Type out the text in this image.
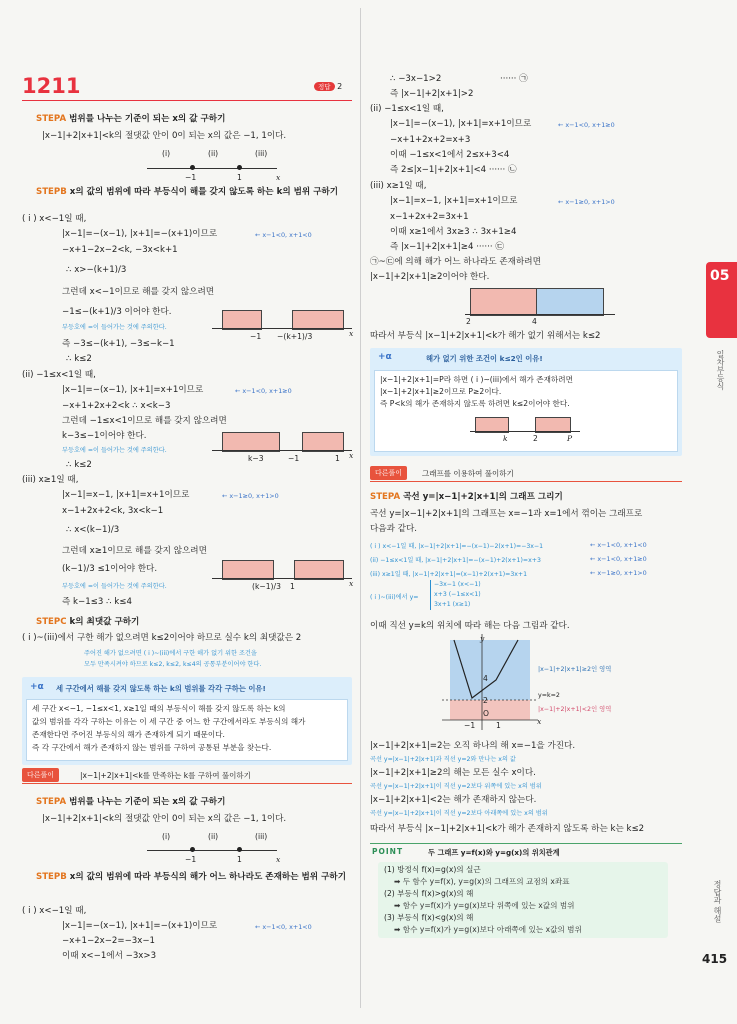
1211	정답 2
STEPA 범위를 나누는 기준이 되는 x의 값 구하기
|x−1|+2|x+1|<k의 절댓값 안이 0이 되는 x의 값은 −1, 1이다.
(i)	(ii)	(iii)
−1	1	x
STEPB x의 값의 범위에 따라 부등식이 해를 갖지 않도록 하는 k의 범위 구하기
( i ) x<−1일 때,
|x−1|=−(x−1), |x+1|=−(x+1)이므로	← x−1<0, x+1<0
−x+1−2x−2<k, −3x<k+1
∴ x>−(k+1)/3
그런데 x<−1이므로 해를 갖지 않으려면
−1≤−(k+1)/3 이어야 한다.
부등호에 =이 들어가는 것에 주의한다.
즉 −3≤−(k+1), −3≤−k−1
∴ k≤2
−1 −(k+1)/3	x
(ii) −1≤x<1일 때,
|x−1|=−(x−1), |x+1|=x+1이므로	← x−1<0, x+1≥0
−x+1+2x+2<k ∴ x<k−3
그런데 −1≤x<1이므로 해를 갖지 않으려면
k−3≤−1이어야 한다.
부등호에 =이 들어가는 것에 주의한다.
∴ k≤2
k−3	−1	1 x
(iii) x≥1일 때,
|x−1|=x−1, |x+1|=x+1이므로	← x−1≥0, x+1>0
x−1+2x+2<k, 3x<k−1
∴ x<(k−1)/3
그런데 x≥1이므로 해를 갖지 않으려면
(k−1)/3 ≤1이어야 한다.
부등호에 =이 들어가는 것에 주의한다.
즉 k−1≤3 ∴ k≤4
(k−1)/3 1	x
STEPC k의 최댓값 구하기
( i )~(iii)에서 구한 해가 없으려면 k≤2이어야 하므로 실수 k의 최댓값은 2
주어진 해가 없으려면 ( i )~(iii)에서 구한 해가 없기 위한 조건을
모두 만족시켜야 하므로 k≤2, k≤2, k≤4의 공통부분이어야 한다.
+α 세 구간에서 해를 갖지 않도록 하는 k의 범위를 각각 구하는 이유!
세 구간 x<−1, −1≤x<1, x≥1일 때의 부등식이 해를 갖지 않도록 하는 k의
값의 범위를 각각 구하는 이유는 이 세 구간 중 어느 한 구간에서라도 부등식의 해가
존재한다면 주어진 부등식의 해가 존재하게 되기 때문이다.
즉 각 구간에서 해가 존재하지 않는 범위를 구하여 공통된 부분을 찾는다.
다른풀이	|x−1|+2|x+1|<k를 만족하는 k를 구하여 풀이하기
STEPA 범위를 나누는 기준이 되는 x의 값 구하기
|x−1|+2|x+1|<k의 절댓값 안이 0이 되는 x의 값은 −1, 1이다.
(i)	(ii)	(iii)
−1	1	x
STEPB x의 값의 범위에 따라 부등식의 해가 어느 하나라도 존재하는 범위 구하기
( i ) x<−1일 때,
|x−1|=−(x−1), |x+1|=−(x+1)이므로	← x−1<0, x+1<0
−x+1−2x−2=−3x−1
이때 x<−1에서 −3x>3
∴ −3x−1>2	······ ㉠
즉 |x−1|+2|x+1|>2
(ii) −1≤x<1일 때,
|x−1|=−(x−1), |x+1|=x+1이므로	← x−1<0, x+1≥0
−x+1+2x+2=x+3
이때 −1≤x<1에서 2≤x+3<4
즉 2≤|x−1|+2|x+1|<4 ······ ㉡
(iii) x≥1일 때,
|x−1|=x−1, |x+1|=x+1이므로	← x−1≥0, x+1>0
x−1+2x+2=3x+1
이때 x≥1에서 3x≥3 ∴ 3x+1≥4
즉 |x−1|+2|x+1|≥4 ······ ㉢
㉠~㉢에 의해 해가 어느 하나라도 존재하려면
|x−1|+2|x+1|≥2이어야 한다.
2	4
따라서 부등식 |x−1|+2|x+1|<k가 해가 없기 위해서는 k≤2
+α	해가 없기 위한 조건이 k≤2인 이유!
|x−1|+2|x+1|=P라 하면 ( i )~(iii)에서 해가 존재하려면
|x−1|+2|x+1|≥2이므로 P≥2이다.
즉 P<k의 해가 존재하지 않도록 하려면 k≤2이어야 한다.
k	2	P
다른풀이	그래프를 이용하여 풀이하기
STEPA 곡선 y=|x−1|+2|x+1|의 그래프 그리기
곡선 y=|x−1|+2|x+1|의 그래프는 x=−1과 x=1에서 꺾이는 그래프로
다음과 같다.
( i ) x<−1일 때, |x−1|+2|x+1|=−(x−1)−2(x+1)=−3x−1	← x−1<0, x+1<0
(ii) −1≤x<1일 때, |x−1|+2|x+1|=−(x−1)+2(x+1)=x+3	← x−1<0, x+1≥0
(iii) x≥1일 때, |x−1|+2|x+1|=(x−1)+2(x+1)=3x+1	← x−1≥0, x+1>0
( i )~(iii)에서 y=
−3x−1 (x<−1)
x+3 (−1≤x<1)
3x+1 (x≥1)
이때 직선 y=k의 위치에 따라 해는 다음 그림과 같다.
y
x
O
4
2
−1	1
|x−1|+2|x+1|≥2인 영역
y=k=2
|x−1|+2|x+1|<2인 영역
|x−1|+2|x+1|=2는 오직 하나의 해 x=−1을 가진다.
곡선 y=|x−1|+2|x+1|과 직선 y=2와 만나는 x의 값
|x−1|+2|x+1|≥2의 해는 모든 실수 x이다.
곡선 y=|x−1|+2|x+1|이 직선 y=2보다 위쪽에 있는 x의 범위
|x−1|+2|x+1|<2는 해가 존재하지 않는다.
곡선 y=|x−1|+2|x+1|이 직선 y=2보다 아래쪽에 있는 x의 범위
따라서 부등식 |x−1|+2|x+1|<k가 해가 존재하지 않도록 하는 k는 k≤2
POINT	두 그래프 y=f(x)와 y=g(x)의 위치관계
(1) 방정식 f(x)=g(x)의 실근
➡ 두 함수 y=f(x), y=g(x)의 그래프의 교점의 x좌표
(2) 부등식 f(x)>g(x)의 해
➡ 함수 y=f(x)가 y=g(x)보다 위쪽에 있는 x값의 범위
(3) 부등식 f(x)<g(x)의 해
➡ 함수 y=f(x)가 y=g(x)보다 아래쪽에 있는 x값의 범위
05
일차부등식
정답과 해설
415
